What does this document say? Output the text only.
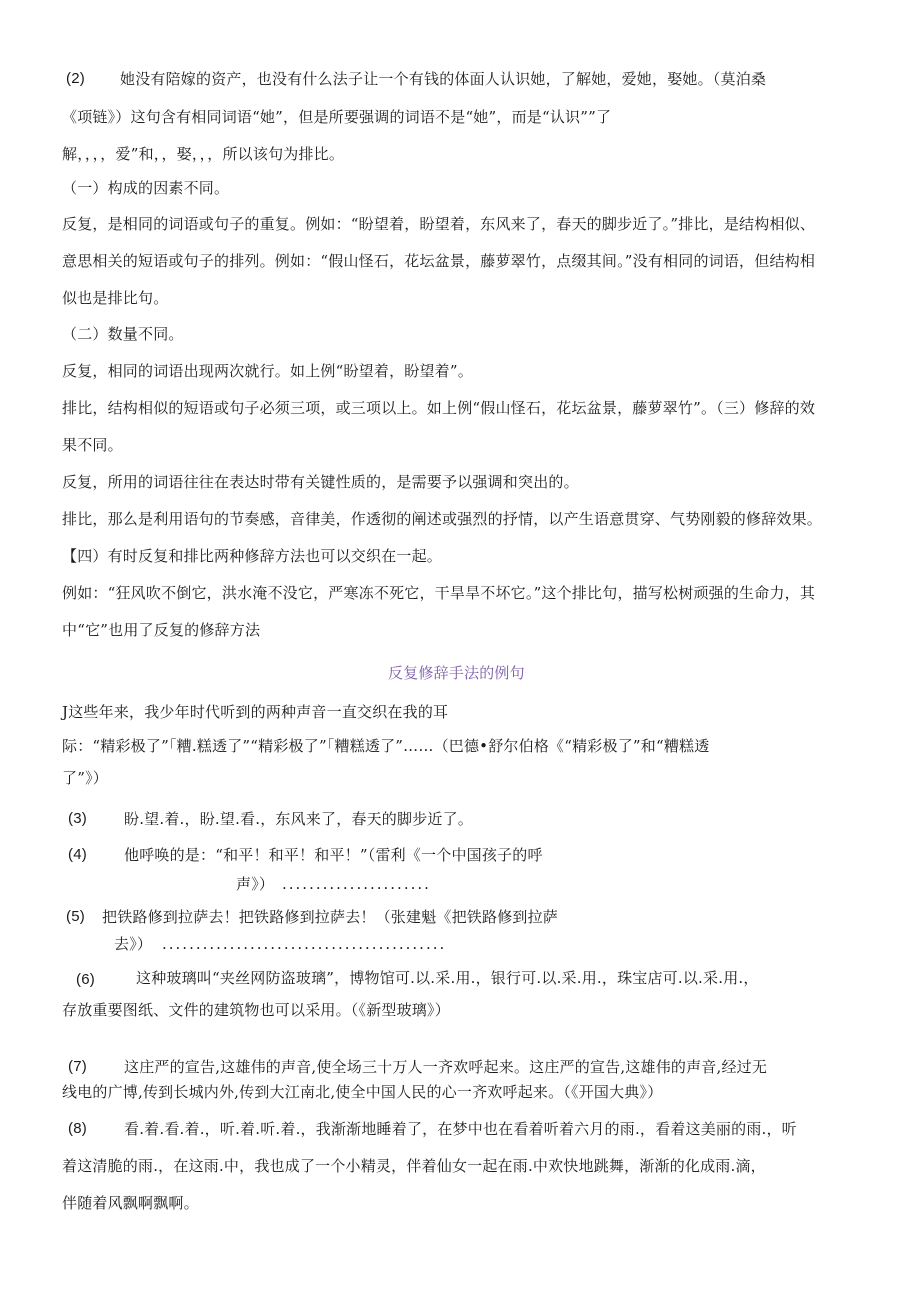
(2) 她没有陪嫁的资产，也没有什么法子让一个有钱的体面人认识她，了解她，爱她，娶她。（莫泊桑
《项链》）这句含有相同词语“她”，但是所要强调的词语不是“她”，而是“认识””了
解，，，，爱”和，，娶，，，所以该句为排比。
（一）构成的因素不同。
反复，是相同的词语或句子的重复。例如：“盼望着，盼望着，东风来了，春天的脚步近了。”排比，是结构相似、
意思相关的短语或句子的排列。例如：“假山怪石，花坛盆景，藤萝翠竹，点缀其间。”没有相同的词语，但结构相
似也是排比句。
（二）数量不同。
反复，相同的词语出现两次就行。如上例“盼望着，盼望着”。
排比，结构相似的短语或句子必须三项，或三项以上。如上例“假山怪石，花坛盆景，藤萝翠竹”。（三）修辞的效
果不同。
反复，所用的词语往往在表达时带有关键性质的，是需要予以强调和突出的。
排比，那么是利用语句的节奏感，音律美，作透彻的阐述或强烈的抒情，以产生语意贯穿、气势刚毅的修辞效果。
【四）有时反复和排比两种修辞方法也可以交织在一起。
例如：“狂风吹不倒它，洪水淹不没它，严寒冻不死它，干旱旱不坏它。”这个排比句，描写松树顽强的生命力，其
中“它”也用了反复的修辞方法
反复修辞手法的例句
J这些年来，我少年时代听到的两种声音一直交织在我的耳
际：“精彩极了”「糟.糕透了”“精彩极了”「糟糕透了”……（巴德•舒尔伯格《“精彩极了”和“糟糕透
了”》）
(3) 盼.望.着.，盼.望.看.，东风来了，春天的脚步近了。
(4) 他呼唤的是：“和平！和平！和平！”（雷利《一个中国孩子的呼
声》） ......................
(5) 把铁路修到拉萨去！把铁路修到拉萨去！（张建魁《把铁路修到拉萨
去》） ..........................................
(6)	这种玻璃叫“夹丝网防盗玻璃”，博物馆可.以.采.用.，银行可.以.采.用.，珠宝店可.以.采.用.，
存放重要图纸、文件的建筑物也可以采用。（《新型玻璃》）
(7) 这庄严的宣告,这雄伟的声音,使全场三十万人一齐欢呼起来。这庄严的宣告,这雄伟的声音,经过无
线电的广博,传到长城内外,传到大江南北,使全中国人民的心一齐欢呼起来。（《开国大典》）
(8) 看.着.看.着.，听.着.听.着.，我渐渐地睡着了，在梦中也在看着听着六月的雨.，看着这美丽的雨.，听
着这清脆的雨.，在这雨.中，我也成了一个小精灵，伴着仙女一起在雨.中欢快地跳舞，渐渐的化成雨.滴，
伴随着风飘啊飘啊。
